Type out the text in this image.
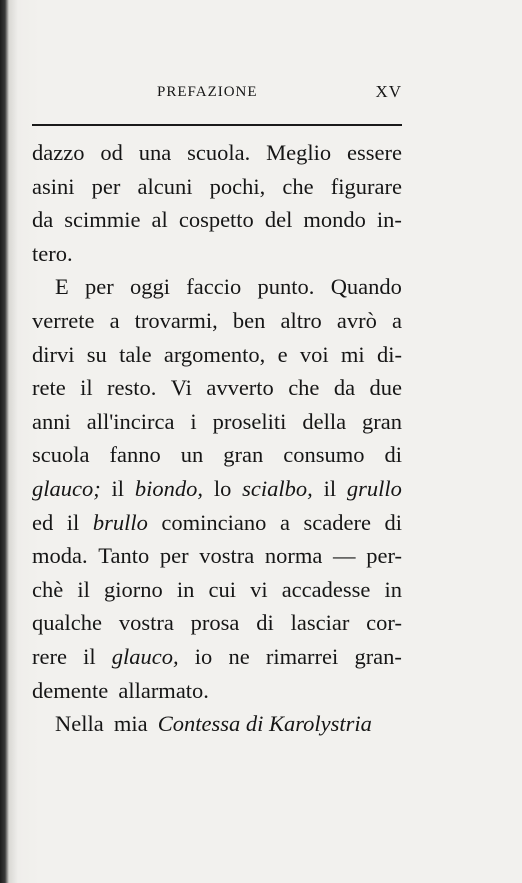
PREFAZIONE	XV
dazzo od una scuola. Meglio essere
asini per alcuni pochi, che figurare
da scimmie al cospetto del mondo in-
tero.
E per oggi faccio punto. Quando
verrete a trovarmi, ben altro avrò a
dirvi su tale argomento, e voi mi di-
rete il resto. Vi avverto che da due
anni all'incirca i proseliti della gran
scuola fanno un gran consumo di
glauco; il biondo, lo scialbo, il grullo
ed il brullo cominciano a scadere di
moda. Tanto per vostra norma — per-
chè il giorno in cui vi accadesse in
qualche vostra prosa di lasciar cor-
rere il glauco, io ne rimarrei gran-
demente allarmato.
Nella mia Contessa di Karolystria
